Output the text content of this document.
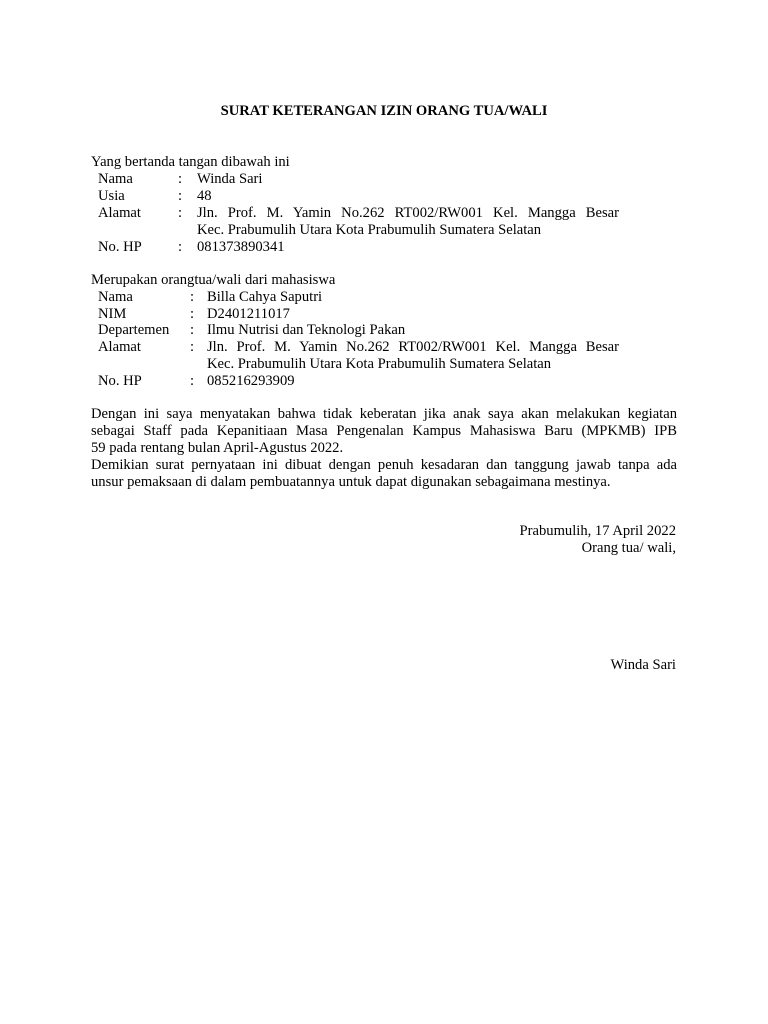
SURAT KETERANGAN IZIN ORANG TUA/WALI
Yang bertanda tangan dibawah ini
Nama	: Winda Sari
Usia	: 48
Alamat	: Jln. Prof. M. Yamin No.262 RT002/RW001 Kel. Mangga Besar
Kec. Prabumulih Utara Kota Prabumulih Sumatera Selatan
No. HP : 081373890341
Merupakan orangtua/wali dari mahasiswa
Nama	: Billa Cahya Saputri
NIM	: D2401211017
Departemen : Ilmu Nutrisi dan Teknologi Pakan
Alamat	: Jln. Prof. M. Yamin No.262 RT002/RW001 Kel. Mangga Besar
Kec. Prabumulih Utara Kota Prabumulih Sumatera Selatan
No. HP	: 085216293909
Dengan ini saya menyatakan bahwa tidak keberatan jika anak saya akan melakukan kegiatan
sebagai Staff pada Kepanitiaan Masa Pengenalan Kampus Mahasiswa Baru (MPKMB) IPB
59 pada rentang bulan April-Agustus 2022.
Demikian surat pernyataan ini dibuat dengan penuh kesadaran dan tanggung jawab tanpa ada
unsur pemaksaan di dalam pembuatannya untuk dapat digunakan sebagaimana mestinya.
Prabumulih, 17 April 2022
Orang tua/ wali,
Winda Sari
